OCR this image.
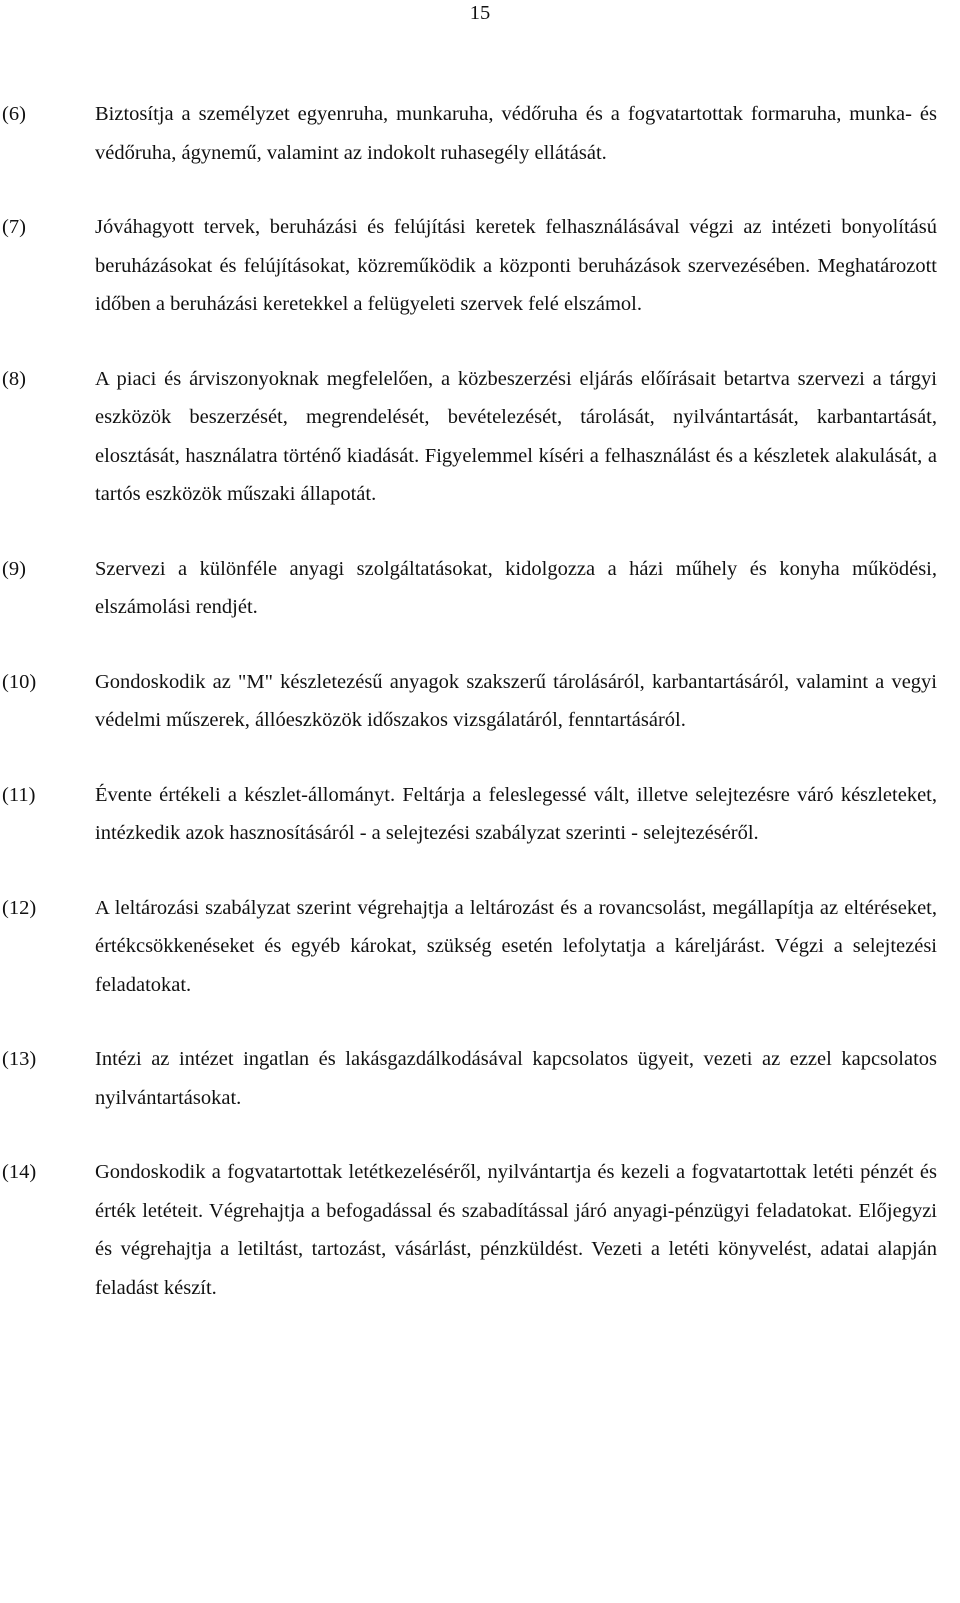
15
(6)	Biztosítja a személyzet egyenruha, munkaruha, védőruha és a fogvatartottak formaruha, munka- és védőruha, ágynemű, valamint az indokolt ruhasegély ellátását.
(7)	Jóváhagyott tervek, beruházási és felújítási keretek felhasználásával végzi az intézeti bonyolítású beruházásokat és felújításokat, közreműködik a központi beruházások szervezésében. Meghatározott időben a beruházási keretekkel a felügyeleti szervek felé elszámol.
(8)	A piaci és árviszonyoknak megfelelően, a közbeszerzési eljárás előírásait betartva szervezi a tárgyi eszközök beszerzését, megrendelését, bevételezését, tárolását, nyilvántartását, karbantartását, elosztását, használatra történő kiadását. Figyelemmel kíséri a felhasználást és a készletek alakulását, a tartós eszközök műszaki állapotát.
(9)	Szervezi a különféle anyagi szolgáltatásokat, kidolgozza a házi műhely és konyha működési, elszámolási rendjét.
(10)	Gondoskodik az "M" készletezésű anyagok szakszerű tárolásáról, karbantartásáról, valamint a vegyi védelmi műszerek, állóeszközök időszakos vizsgálatáról, fenntartásáról.
(11)	Évente értékeli a készlet-állományt. Feltárja a feleslegessé vált, illetve selejtezésre váró készleteket, intézkedik azok hasznosításáról - a selejtezési szabályzat szerinti - selejtezéséről.
(12)	A leltározási szabályzat szerint végrehajtja a leltározást és a rovancsolást, megállapítja az eltéréseket, értékcsökkenéseket és egyéb károkat, szükség esetén lefolytatja a káreljárást. Végzi a selejtezési feladatokat.
(13)	Intézi az intézet ingatlan és lakásgazdálkodásával kapcsolatos ügyeit, vezeti az ezzel kapcsolatos nyilvántartásokat.
(14)	Gondoskodik a fogvatartottak letétkezeléséről, nyilvántartja és kezeli a fogvatartottak letéti pénzét és érték letéteit. Végrehajtja a befogadással és szabadítással járó anyagi-pénzügyi feladatokat. Előjegyzi és végrehajtja a letiltást, tartozást, vásárlást, pénzküldést. Vezeti a letéti könyvelést, adatai alapján feladást készít.
